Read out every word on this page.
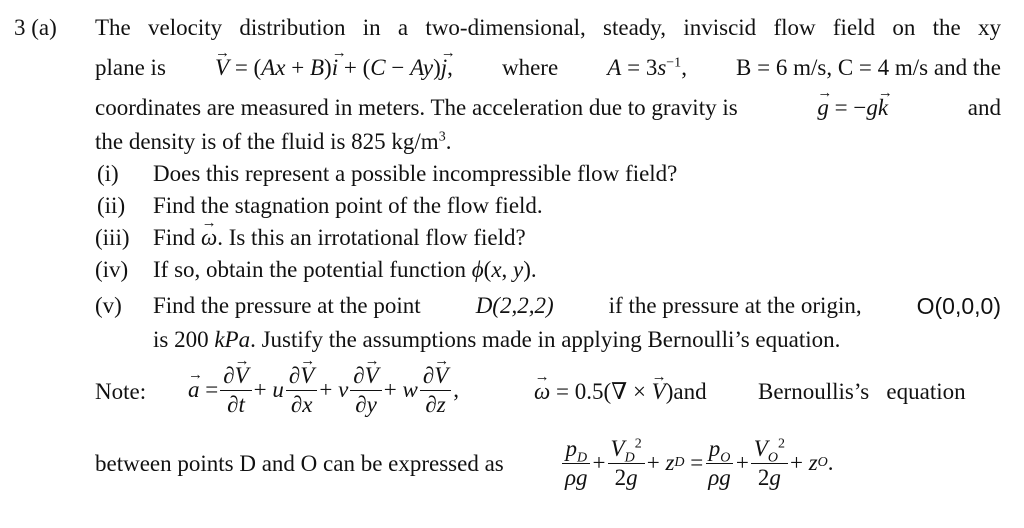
3 (a) The velocity distribution in a two-dimensional, steady, inviscid flow field on the xy
plane is → V = (Ax + B)→ i + (C − Ay)→ j, where $A = 3s^{-1}$, B = 6 m/s, C = 4 m/s and the
coordinates are measured in meters. The acceleration due to gravity is	→ g = −g→ k	and
the density is of the fluid is 825 $kg/m^3$.
(i) Does this represent a possible incompressible flow field?
(ii) Find the stagnation point of the flow field.
(iii) Find → ω. Is this an irrotational flow field?
(iv) If so, obtain the potential function ϕ(x, y).
(v) Find the pressure at the point D(2,2,2) if the pressure at the origin, O(0,0,0)
is 200 kPa. Justify the assumptions made in applying Bernoulli’s equation.
Note: → $a = \frac{\partial\to V}{\partial t} + u \frac{\partial\to V}{\partial x} + v \frac{\partial\to V}{\partial y} + w \frac{\partial\to V}{\partial z}$ ,	→ ω = 0.5(∇ × → V)and Bernoullis’s   equation
between points D and O can be expressed as	$\frac{p_D}{\rho g} + \frac{V_D^2}{2g} + z$ $D = \frac{p_O}{\rho g} + \frac{V_O^2}{2g} + z$ O .
